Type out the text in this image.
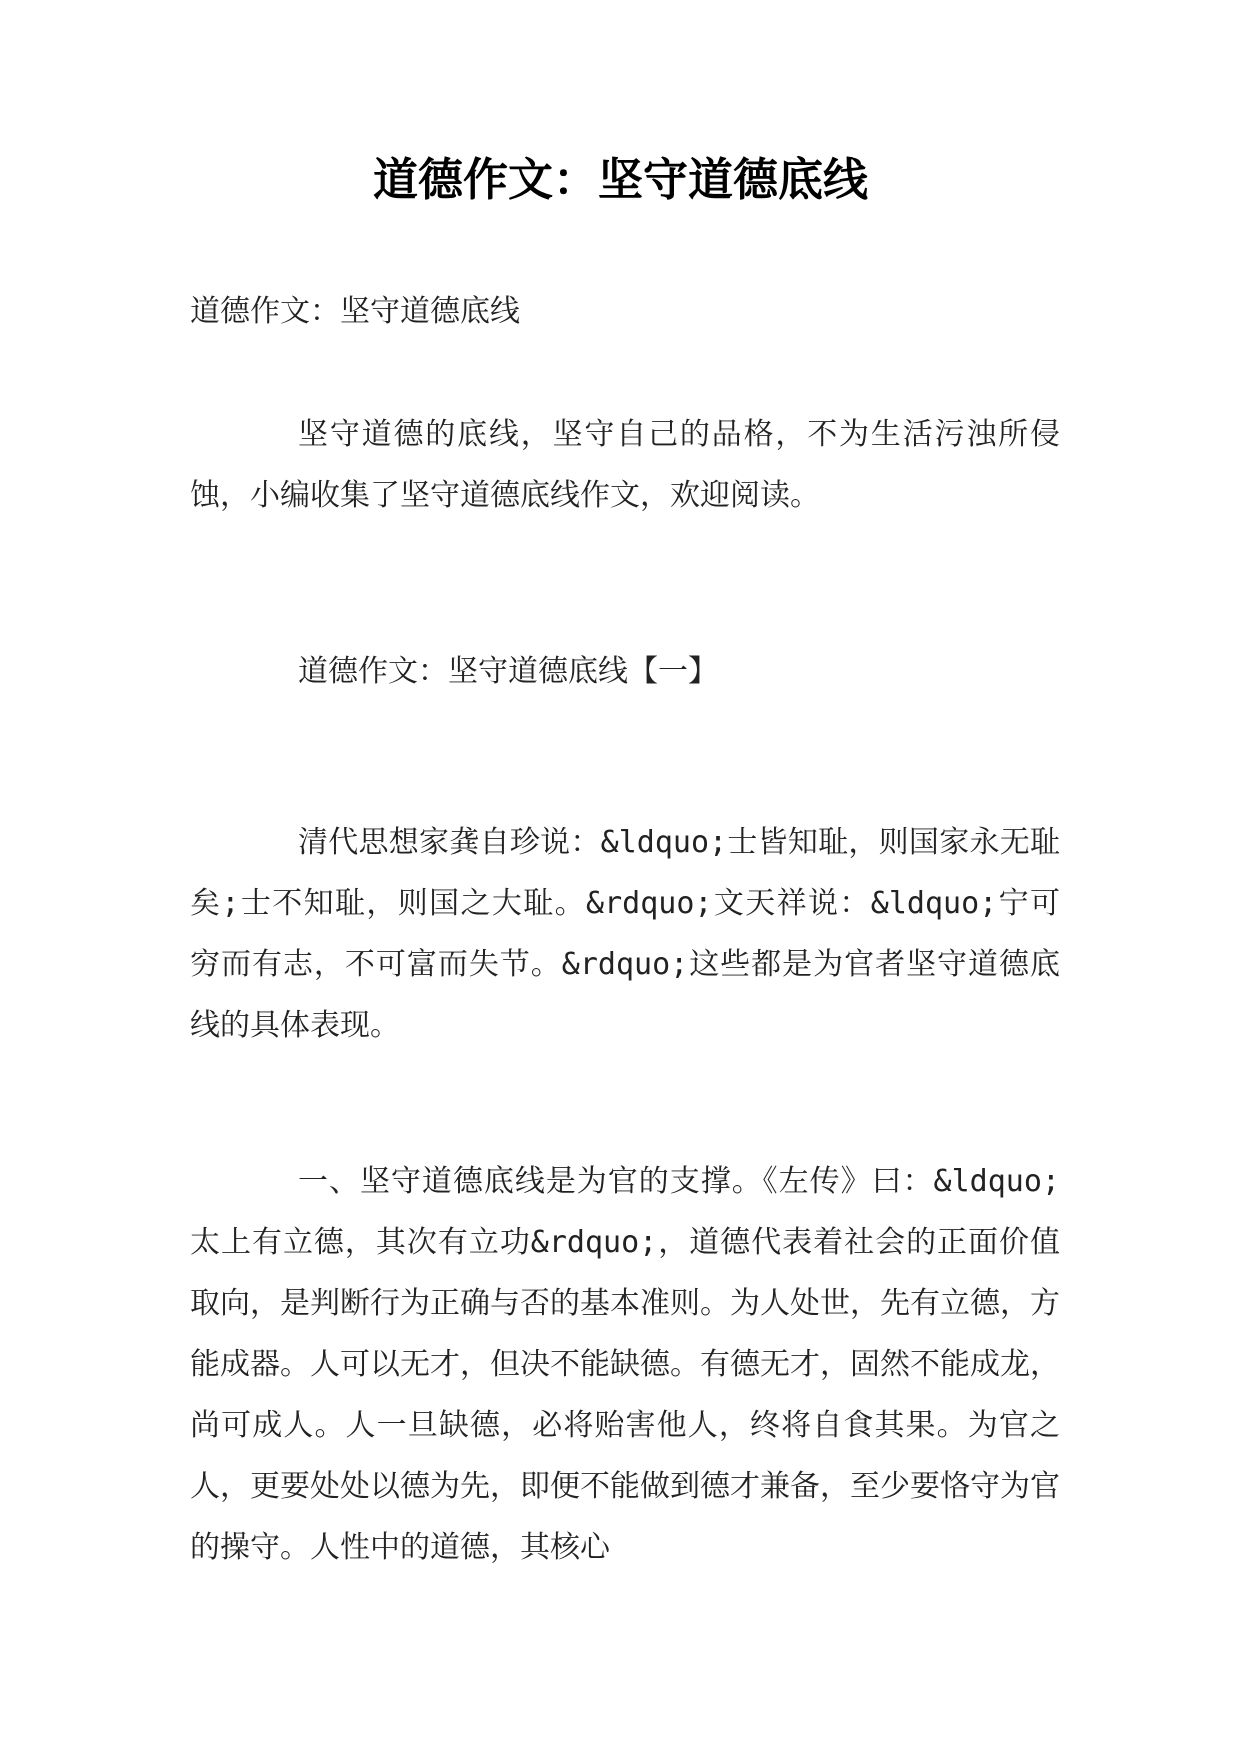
道德作文：坚守道德底线

道德作文：坚守道德底线

坚守道德的底线，坚守自己的品格，不为生活污浊所侵蚀，小编收集了坚守道德底线作文，欢迎阅读。

道德作文：坚守道德底线【一】

清代思想家龚自珍说：&ldquo;士皆知耻，则国家永无耻矣;士不知耻，则国之大耻。&rdquo;文天祥说：&ldquo;宁可穷而有志，不可富而失节。&rdquo;这些都是为官者坚守道德底线的具体表现。

一、坚守道德底线是为官的支撑。《左传》曰：&ldquo;太上有立德，其次有立功&rdquo;，道德代表着社会的正面价值取向，是判断行为正确与否的基本准则。为人处世，先有立德，方能成器。人可以无才，但决不能缺德。有德无才，固然不能成龙，尚可成人。人一旦缺德，必将贻害他人，终将自食其果。为官之人，更要处处以德为先，即便不能做到德才兼备，至少要恪守为官的操守。人性中的道德，其核心
